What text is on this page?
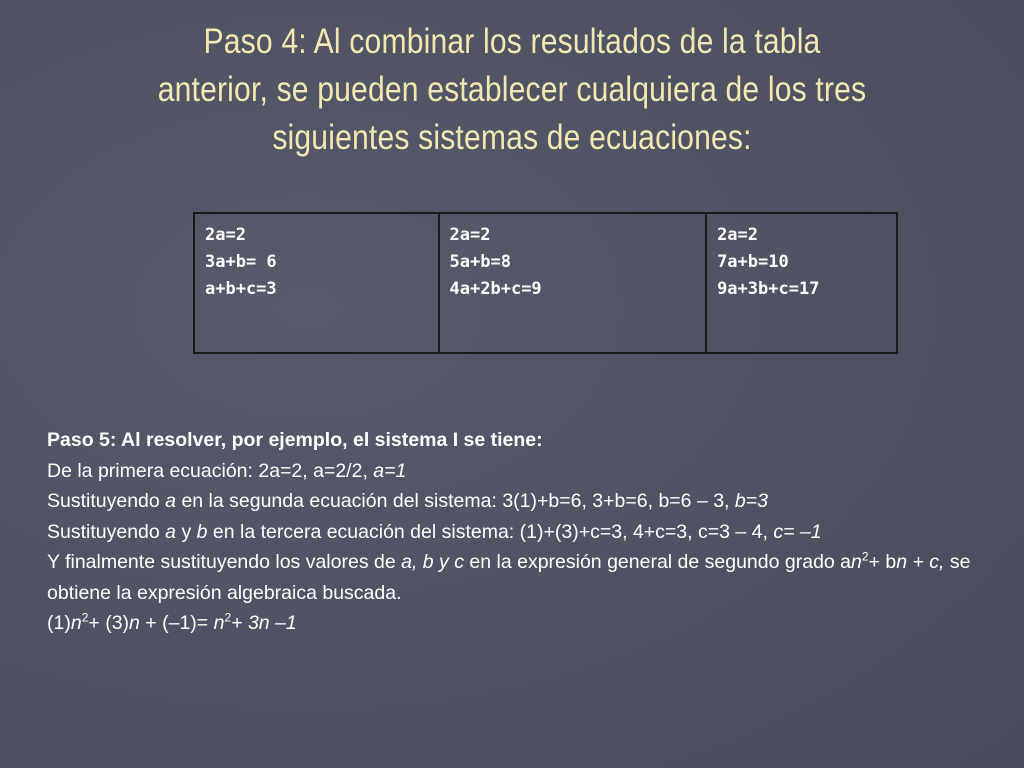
Paso 4: Al combinar los resultados de la tabla
anterior, se pueden establecer cualquiera de los tres
siguientes sistemas de ecuaciones:
2a=2
3a+b= 6
a+b+c=3

2a=2
5a+b=8
4a+2b+c=9

2a=2
7a+b=10
9a+3b+c=17

Paso 5: Al resolver, por ejemplo, el sistema I se tiene:

De la primera ecuación: 2a=2, a=2/2, a=1

Sustituyendo a en la segunda ecuación del sistema: 3(1)+b=6, 3+b=6, b=6 – 3, b=3

Sustituyendo a y b en la tercera ecuación del sistema: (1)+(3)+c=3, 4+c=3, c=3 – 4, c= –1

Y finalmente sustituyendo los valores de a, b y c en la expresión general de segundo grado $an^2+$ bn + c, se obtiene la expresión algebraica buscada.

$(1)n^2+ (3)n + (-1)= n^2+ 3n$ –1
